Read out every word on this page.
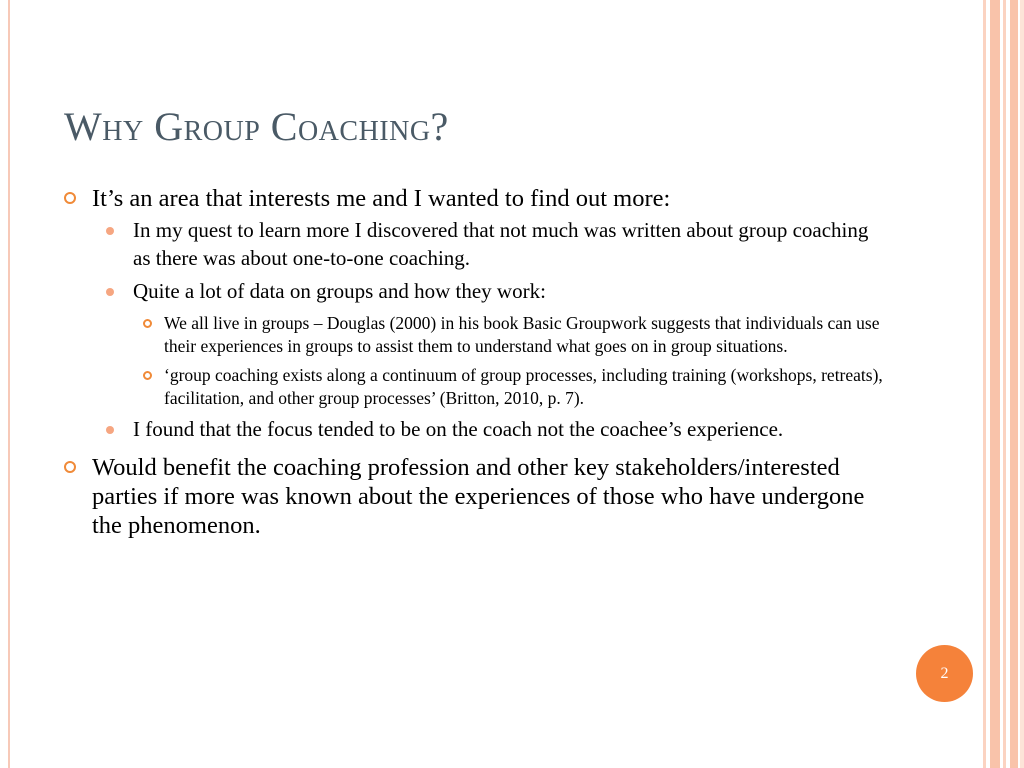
Why Group Coaching?
It’s an area that interests me and I wanted to find out more:
In my quest to learn more I discovered that not much was written about group coaching as there was about one-to-one coaching.
Quite a lot of data on groups and how they work:
We all live in groups – Douglas (2000) in his book Basic Groupwork suggests that individuals can use their experiences in groups to assist them to understand what goes on in group situations.
‘group coaching exists along a continuum of group processes, including training (workshops, retreats), facilitation, and other group processes’ (Britton, 2010, p. 7).
I found that the focus tended to be on the coach not the coachee’s experience.
Would benefit the coaching profession and other key stakeholders/interested parties if more was known about the experiences of those who have undergone the phenomenon.
2
